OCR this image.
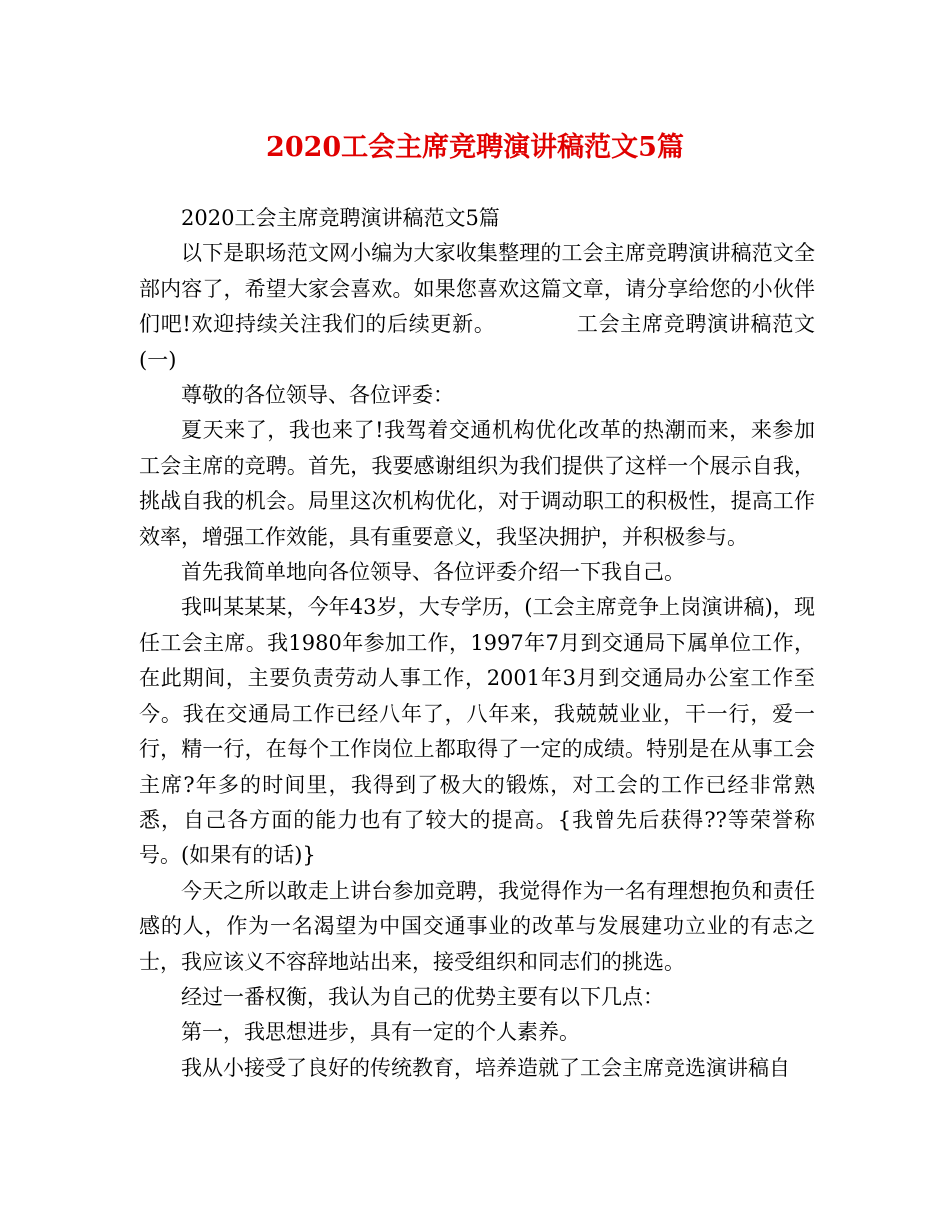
2020工会主席竞聘演讲稿范文5篇

2020工会主席竞聘演讲稿范文5篇

以下是职场范文网小编为大家收集整理的工会主席竞聘演讲稿范文全部内容了，希望大家会喜欢。如果您喜欢这篇文章，请分享给您的小伙伴们吧!欢迎持续关注我们的后续更新。           工会主席竞聘演讲稿范文(一)

尊敬的各位领导、各位评委：

夏天来了，我也来了!我驾着交通机构优化改革的热潮而来，来参加工会主席的竞聘。首先，我要感谢组织为我们提供了这样一个展示自我，挑战自我的机会。局里这次机构优化，对于调动职工的积极性，提高工作效率，增强工作效能，具有重要意义，我坚决拥护，并积极参与。

首先我简单地向各位领导、各位评委介绍一下我自己。

我叫某某某，今年43岁，大专学历，(工会主席竞争上岗演讲稿)，现任工会主席。我1980年参加工作，1997年7月到交通局下属单位工作，在此期间，主要负责劳动人事工作，2001年3月到交通局办公室工作至今。我在交通局工作已经八年了，八年来，我兢兢业业，干一行，爱一行，精一行，在每个工作岗位上都取得了一定的成绩。特别是在从事工会主席?年多的时间里，我得到了极大的锻炼，对工会的工作已经非常熟悉，自己各方面的能力也有了较大的提高。{我曾先后获得??等荣誉称号。(如果有的话)}

今天之所以敢走上讲台参加竞聘，我觉得作为一名有理想抱负和责任感的人，作为一名渴望为中国交通事业的改革与发展建功立业的有志之士，我应该义不容辞地站出来，接受组织和同志们的挑选。

经过一番权衡，我认为自己的优势主要有以下几点：

第一，我思想进步，具有一定的个人素养。

我从小接受了良好的传统教育，培养造就了工会主席竞选演讲稿自
